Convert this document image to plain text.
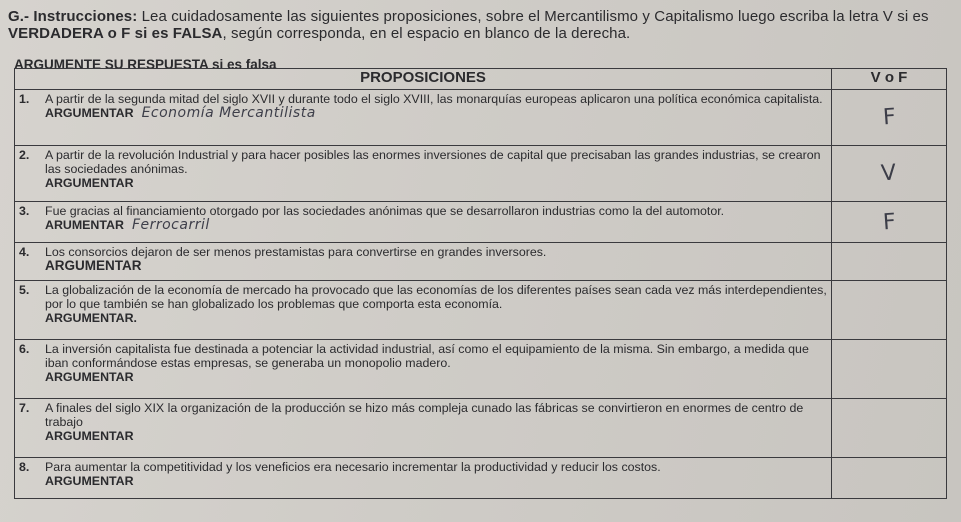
G.- Instrucciones: Lea cuidadosamente las siguientes proposiciones, sobre el Mercantilismo y Capitalismo luego escriba la letra V si es VERDADERA o F si es FALSA, según corresponda, en el espacio en blanco de la derecha.
ARGUMENTE SU RESPUESTA si es falsa
PROPOSICIONES	V o F

1. A partir de la segunda mitad del siglo XVII y durante todo el siglo XVIII, las monarquías europeas aplicaron una política económica capitalista.
ARGUMENTAR Economía Mercantilista	F

2. A partir de la revolución Industrial y para hacer posibles las enormes inversiones de capital que precisaban las grandes industrias, se crearon las sociedades anónimas.
ARGUMENTAR	V

3. Fue gracias al financiamiento otorgado por las sociedades anónimas que se desarrollaron industrias como la del automotor.
ARUMENTAR Ferrocarril	F

4. Los consorcios dejaron de ser menos prestamistas para convertirse en grandes inversores.
ARGUMENTAR	

5. La globalización de la economía de mercado ha provocado que las economías de los diferentes países sean cada vez más interdependientes, por lo que también se han globalizado los problemas que comporta esta economía.
ARGUMENTAR.	

6. La inversión capitalista fue destinada a potenciar la actividad industrial, así como el equipamiento de la misma. Sin embargo, a medida que iban conformándose estas empresas, se generaba un monopolio madero.
ARGUMENTAR	

7. A finales del siglo XIX la organización de la producción se hizo más compleja cunado las fábricas se convirtieron en enormes de centro de trabajo
ARGUMENTAR	

8. Para aumentar la competitividad y los veneficios era necesario incrementar la productividad y reducir los costos.
ARGUMENTAR	
